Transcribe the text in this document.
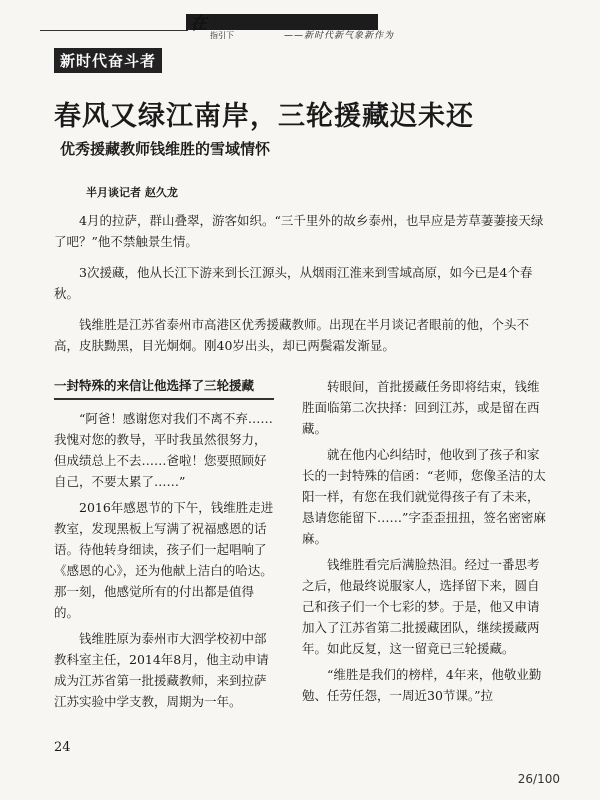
在
指引下	——新时代新气象新作为
新时代奋斗者
春风又绿江南岸，三轮援藏迟未还
优秀援藏教师钱维胜的雪域情怀
半月谈记者 赵久龙

4月的拉萨，群山叠翠，游客如织。“三千里外的故乡泰州，也早应是芳草萋萋接天绿了吧？”他不禁触景生情。

3次援藏，他从长江下游来到长江源头，从烟雨江淮来到雪域高原，如今已是4个春秋。

钱维胜是江苏省泰州市高港区优秀援藏教师。出现在半月谈记者眼前的他，个头不高，皮肤黝黑，目光炯炯。刚40岁出头，却已两鬓霜发渐显。

一封特殊的来信让他选择了三轮援藏

“阿爸！感谢您对我们不离不弃……我愧对您的教导，平时我虽然很努力，但成绩总上不去……爸啦！您要照顾好自己，不要太累了……”

2016年感恩节的下午，钱维胜走进教室，发现黑板上写满了祝福感恩的话语。待他转身细读，孩子们一起唱响了《感恩的心》，还为他献上洁白的哈达。那一刻，他感觉所有的付出都是值得的。

钱维胜原为泰州市大泗学校初中部教科室主任，2014年8月，他主动申请成为江苏省第一批援藏教师，来到拉萨江苏实验中学支教，周期为一年。

转眼间，首批援藏任务即将结束，钱维胜面临第二次抉择：回到江苏，或是留在西藏。

就在他内心纠结时，他收到了孩子和家长的一封特殊的信函：“老师，您像圣洁的太阳一样，有您在我们就觉得孩子有了未来，恳请您能留下……”字歪歪扭扭，签名密密麻麻。

钱维胜看完后满脸热泪。经过一番思考之后，他最终说服家人，选择留下来，圆自己和孩子们一个七彩的梦。于是，他又申请加入了江苏省第二批援藏团队，继续援藏两年。如此反复，这一留竟已三轮援藏。

“维胜是我们的榜样，4年来，他敬业勤勉、任劳任怨，一周近30节课。”拉

24
26/100
